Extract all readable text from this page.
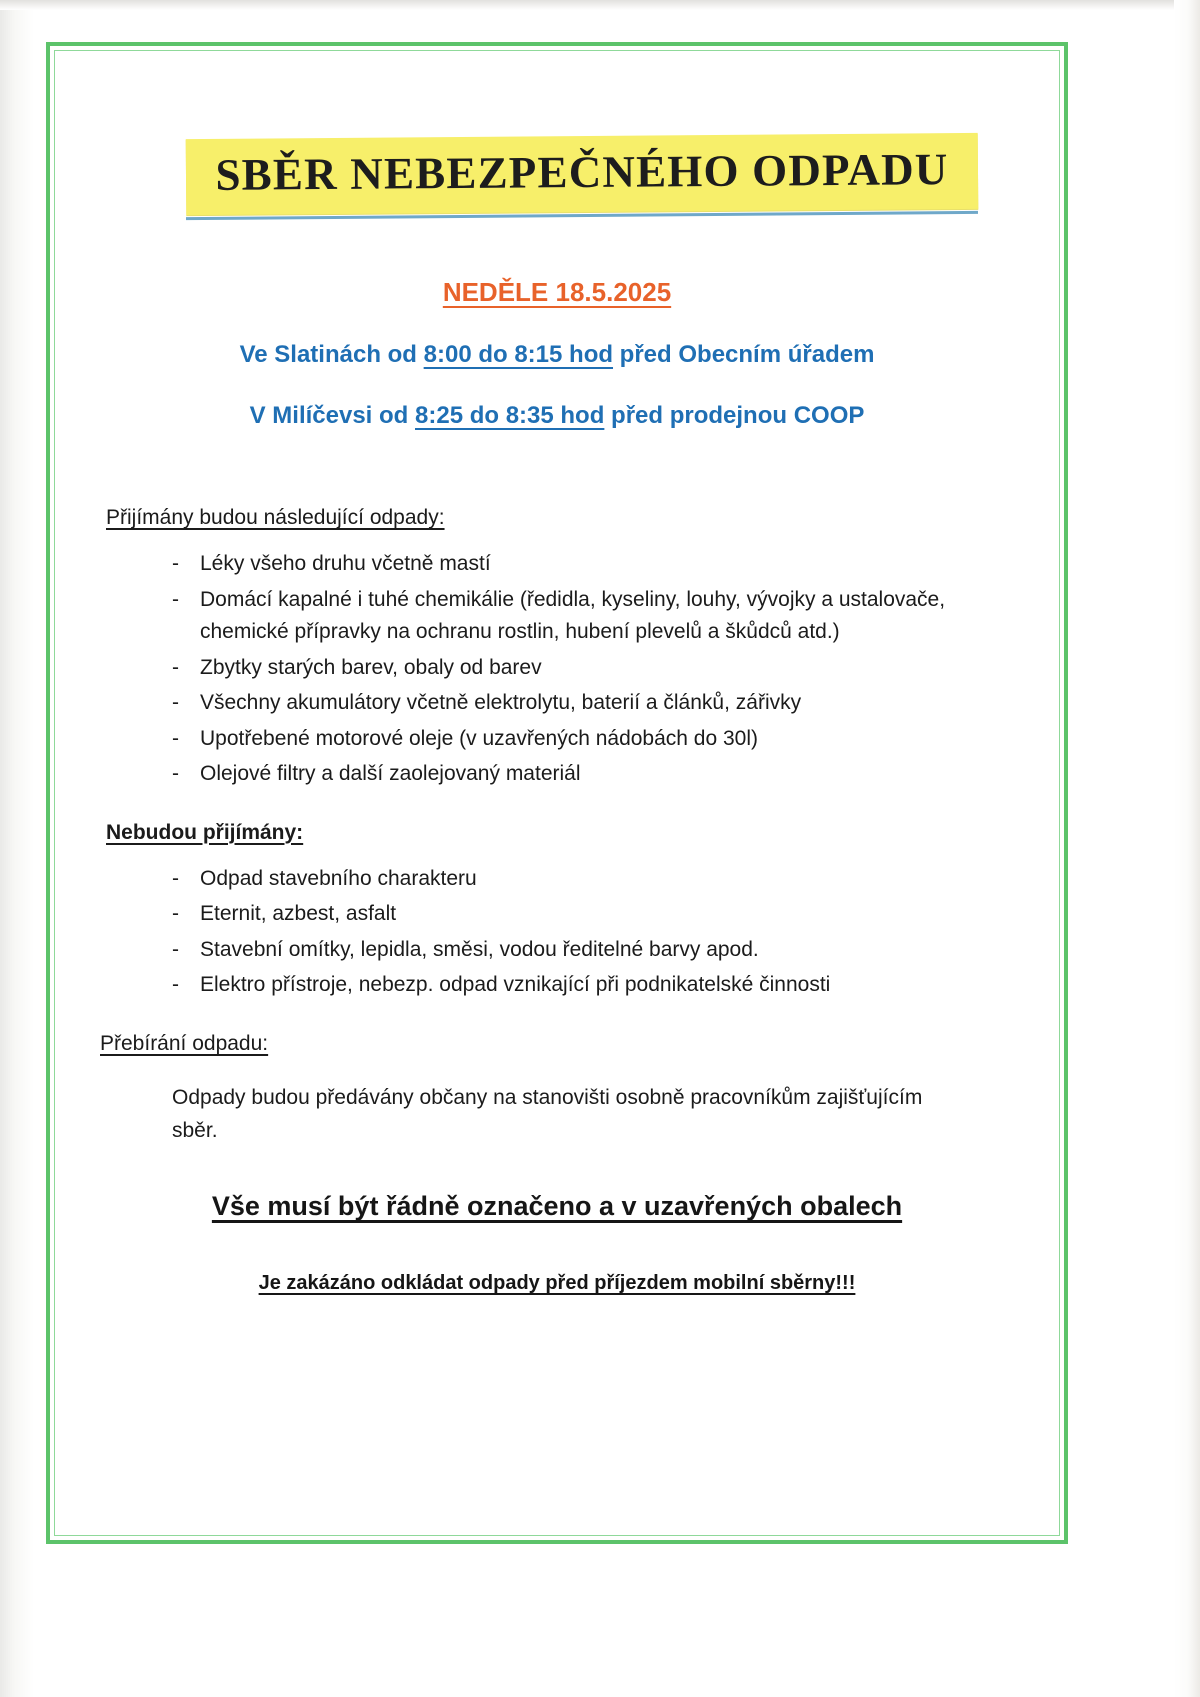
SBĚR NEBEZPEČNÉHO ODPADU
NEDĚLE 18.5.2025
Ve Slatinách od 8:00 do 8:15 hod před Obecním úřadem
V Milíčevsi od 8:25 do 8:35 hod před prodejnou COOP
Přijímány budou následující odpady:
- Léky všeho druhu včetně mastí
- Domácí kapalné i tuhé chemikálie (ředidla, kyseliny, louhy, vývojky a ustalovače, chemické přípravky na ochranu rostlin, hubení plevelů a škůdců atd.)
- Zbytky starých barev, obaly od barev
- Všechny akumulátory včetně elektrolytu, baterií a článků, zářivky
- Upotřebené motorové oleje (v uzavřených nádobách do 30l)
- Olejové filtry a další zaolejovaný materiál
Nebudou přijímány:
- Odpad stavebního charakteru
- Eternit, azbest, asfalt
- Stavební omítky, lepidla, směsi, vodou ředitelné barvy apod.
- Elektro přístroje, nebezp. odpad vznikající při podnikatelské činnosti
Přebírání odpadu:
Odpady budou předávány občany na stanovišti osobně pracovníkům zajišťujícím sběr.
Vše musí být řádně označeno a v uzavřených obalech
Je zakázáno odkládat odpady před příjezdem mobilní sběrny!!!
